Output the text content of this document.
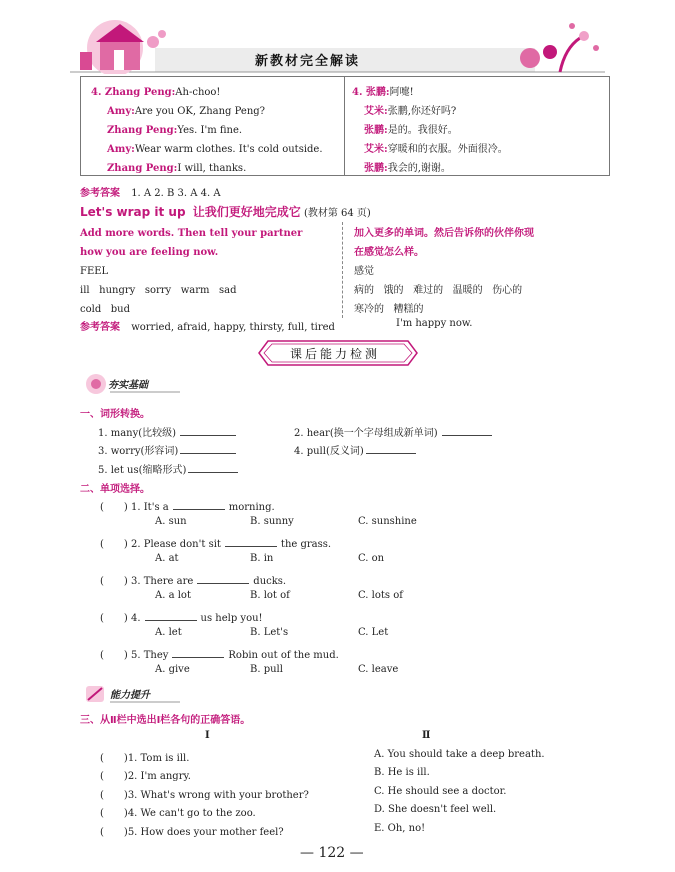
新教材完全解读
4. Zhang Peng:Ah-choo!
Amy:Are you OK, Zhang Peng?
Zhang Peng:Yes. I'm fine.
Amy:Wear warm clothes. It's cold outside.
Zhang Peng:I will, thanks.
4. 张鹏:阿嚏!
艾米:张鹏,你还好吗?
张鹏:是的。我很好。
艾米:穿暖和的衣服。外面很冷。
张鹏:我会的,谢谢。
参考答案 1. A 2. B 3. A 4. A
Let's wrap it up 让我们更好地完成它 (教材第 64 页)
Add more words. Then tell your partner
how you are feeling now.
FEEL
ill   hungry   sorry   warm   sad
cold   bud
加入更多的单词。然后告诉你的伙伴你现
在感觉怎么样。
感觉
病的   饿的   难过的   温暖的   伤心的
寒冷的   糟糕的
参考答案 worried, afraid, happy, thirsty, full, tired	I'm happy now.
课后能力检测
夯实基础
一、词形转换。
1. many(比较级)	2. hear(换一个字母组成新单词)
3. worry(形容词)	4. pull(反义词)
5. let us(缩略形式)
二、单项选择。
(　　) 1. It's a	morning.
A. sun	B. sunny	C. sunshine
(　　) 2. Please don't sit	the grass.
A. at	B. in	C. on
(　　) 3. There are	ducks.
A. a lot	B. lot of	C. lots of
(　　) 4.	us help you!
A. let	B. Let's	C. Let
(　　) 5. They	Robin out of the mud.
A. give	B. pull	C. leave
能力提升
三、从Ⅱ栏中选出Ⅰ栏各句的正确答语。
Ⅰ	Ⅱ
(　　)1. Tom is ill.	A. You should take a deep breath.
(　　)2. I'm angry.	B. He is ill.
(　　)3. What's wrong with your brother?	C. He should see a doctor.
(　　)4. We can't go to the zoo.	D. She doesn't feel well.
(　　)5. How does your mother feel?	E. Oh, no!
— 122 —
